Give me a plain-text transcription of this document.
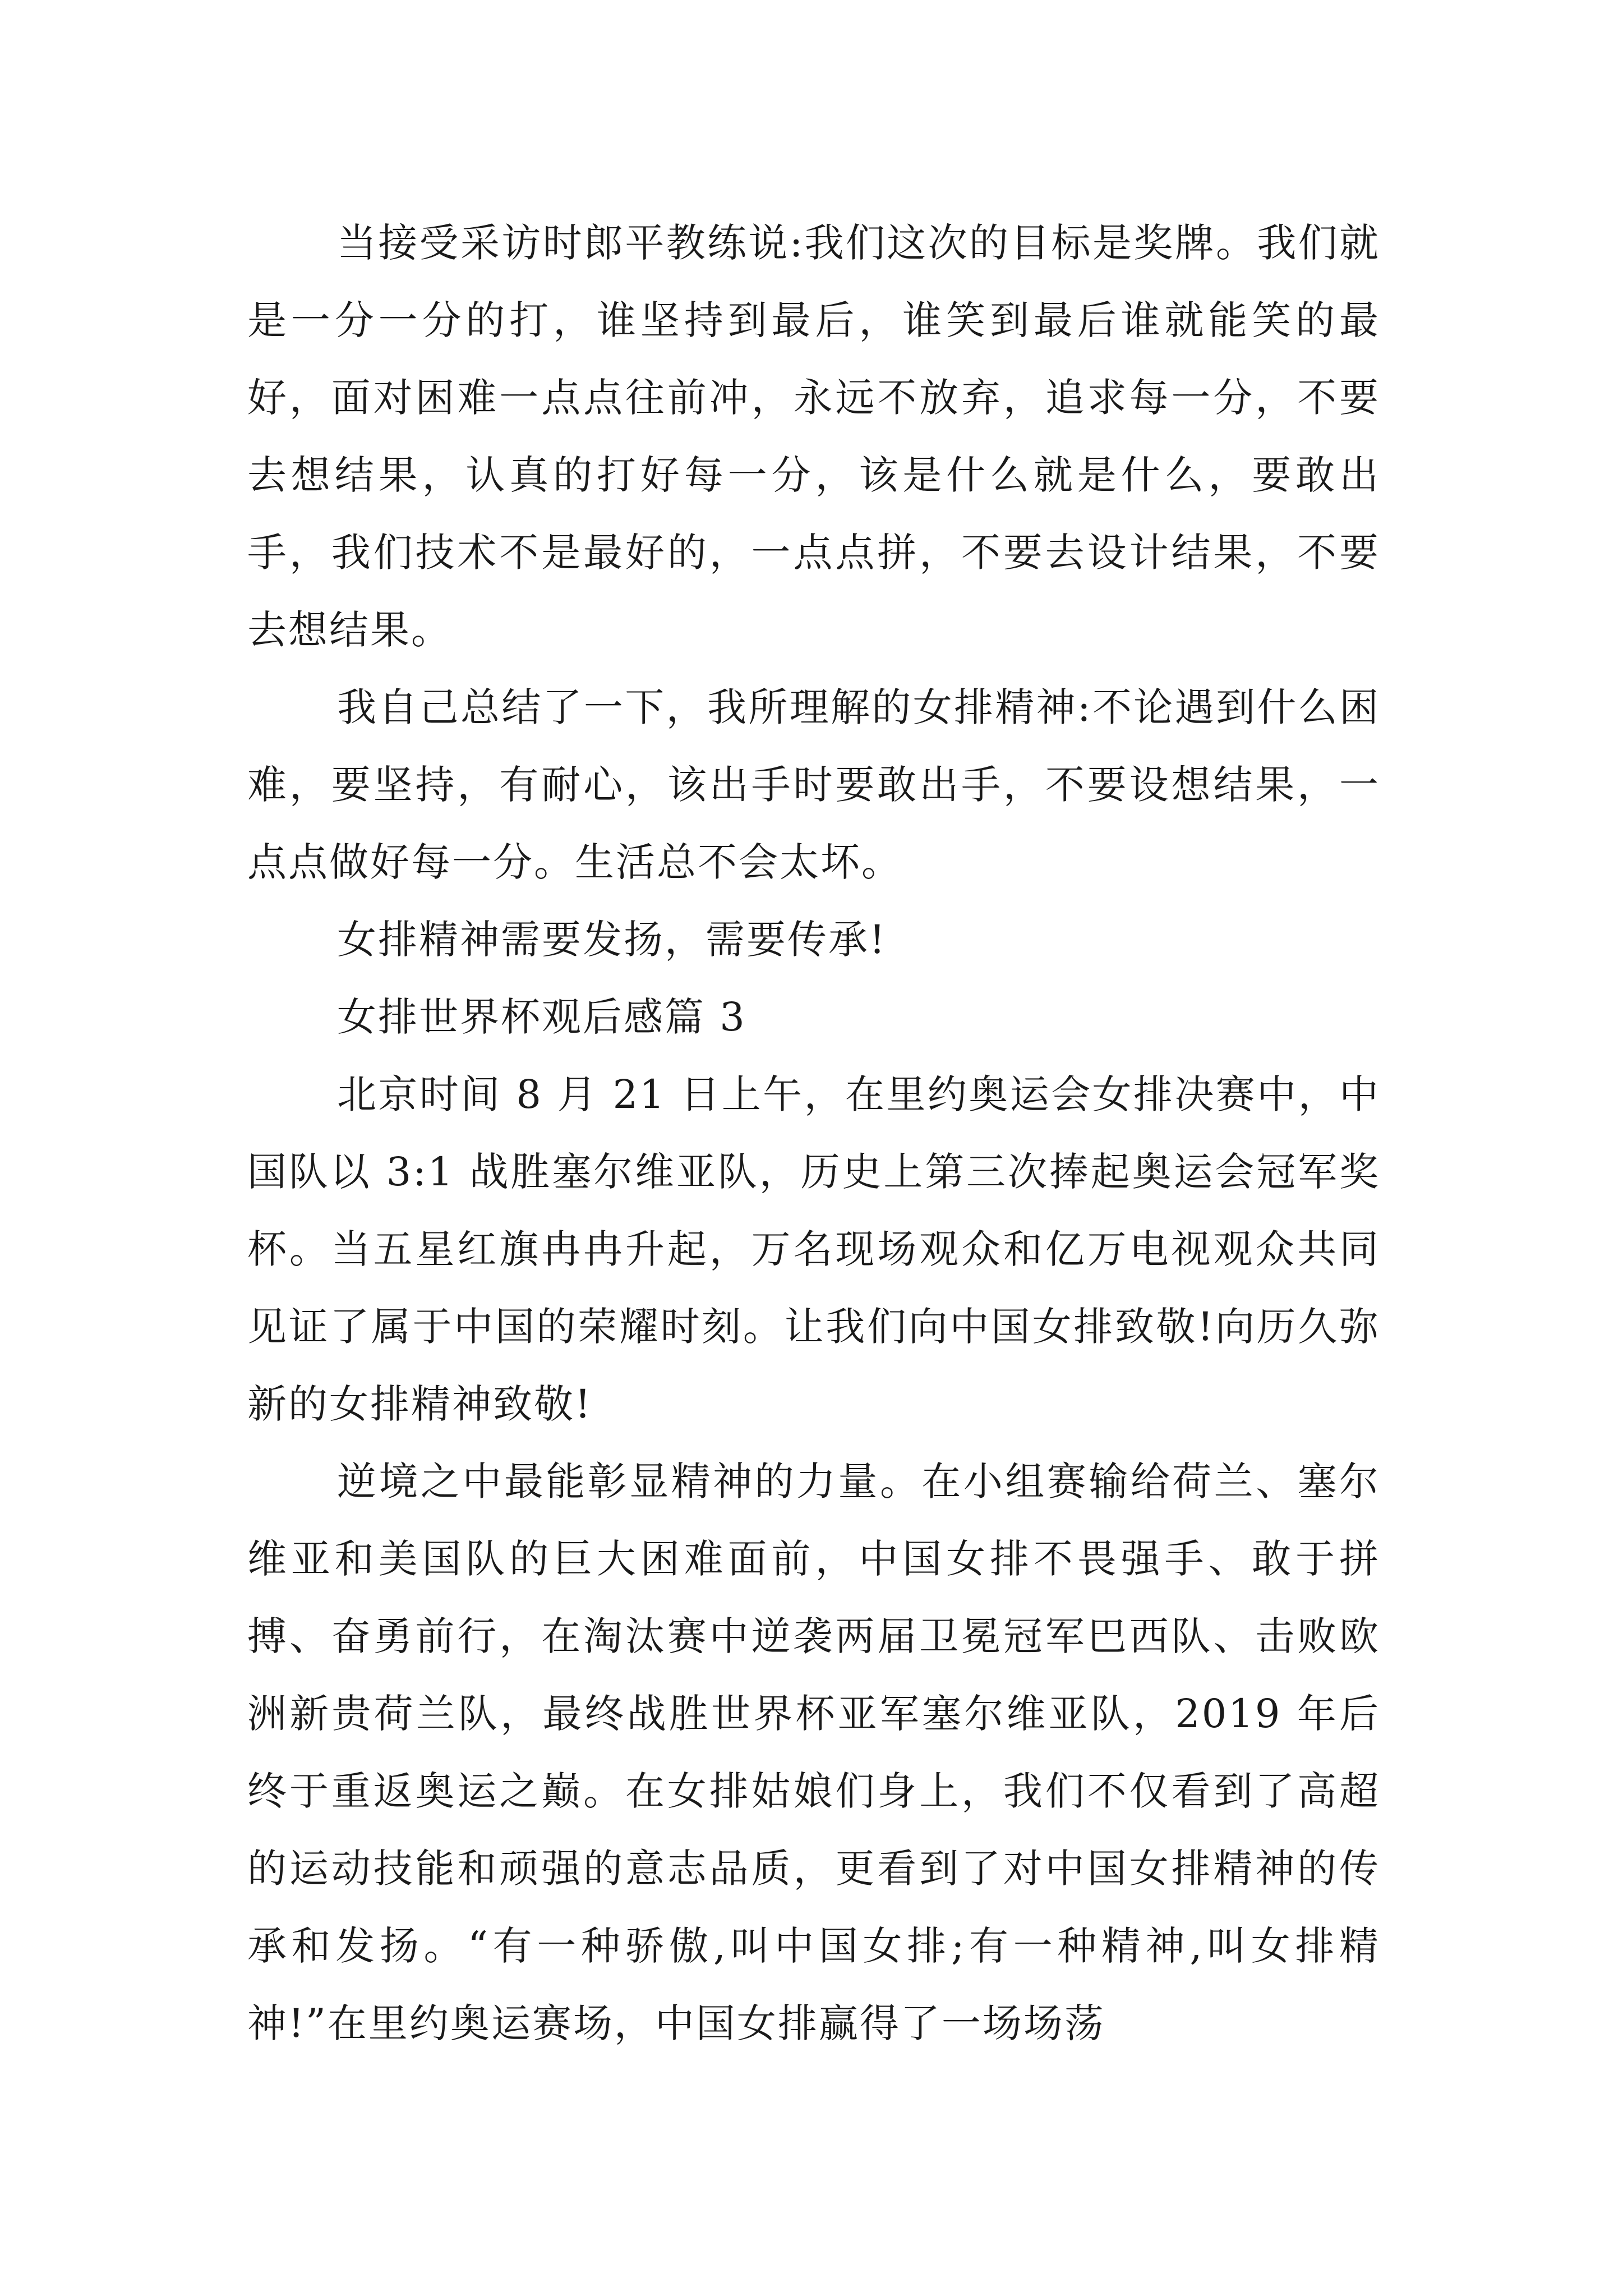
当接受采访时郎平教练说:我们这次的目标是奖牌。我们就是一分一分的打，谁坚持到最后，谁笑到最后谁就能笑的最好，面对困难一点点往前冲，永远不放弃，追求每一分，不要去想结果，认真的打好每一分，该是什么就是什么，要敢出手，我们技术不是最好的，一点点拼，不要去设计结果，不要去想结果。

我自己总结了一下，我所理解的女排精神:不论遇到什么困难，要坚持，有耐心，该出手时要敢出手，不要设想结果，一点点做好每一分。生活总不会太坏。

女排精神需要发扬，需要传承!

女排世界杯观后感篇 3

北京时间 8 月 21 日上午，在里约奥运会女排决赛中，中国队以 3:1 战胜塞尔维亚队，历史上第三次捧起奥运会冠军奖杯。当五星红旗冉冉升起，万名现场观众和亿万电视观众共同见证了属于中国的荣耀时刻。让我们向中国女排致敬!向历久弥新的女排精神致敬!

逆境之中最能彰显精神的力量。在小组赛输给荷兰、塞尔维亚和美国队的巨大困难面前，中国女排不畏强手、敢于拼搏、奋勇前行，在淘汰赛中逆袭两届卫冕冠军巴西队、击败欧洲新贵荷兰队，最终战胜世界杯亚军塞尔维亚队，2019 年后终于重返奥运之巅。在女排姑娘们身上，我们不仅看到了高超的运动技能和顽强的意志品质，更看到了对中国女排精神的传承和发扬。“有一种骄傲,叫中国女排;有一种精神,叫女排精神!”在里约奥运赛场，中国女排赢得了一场场荡
